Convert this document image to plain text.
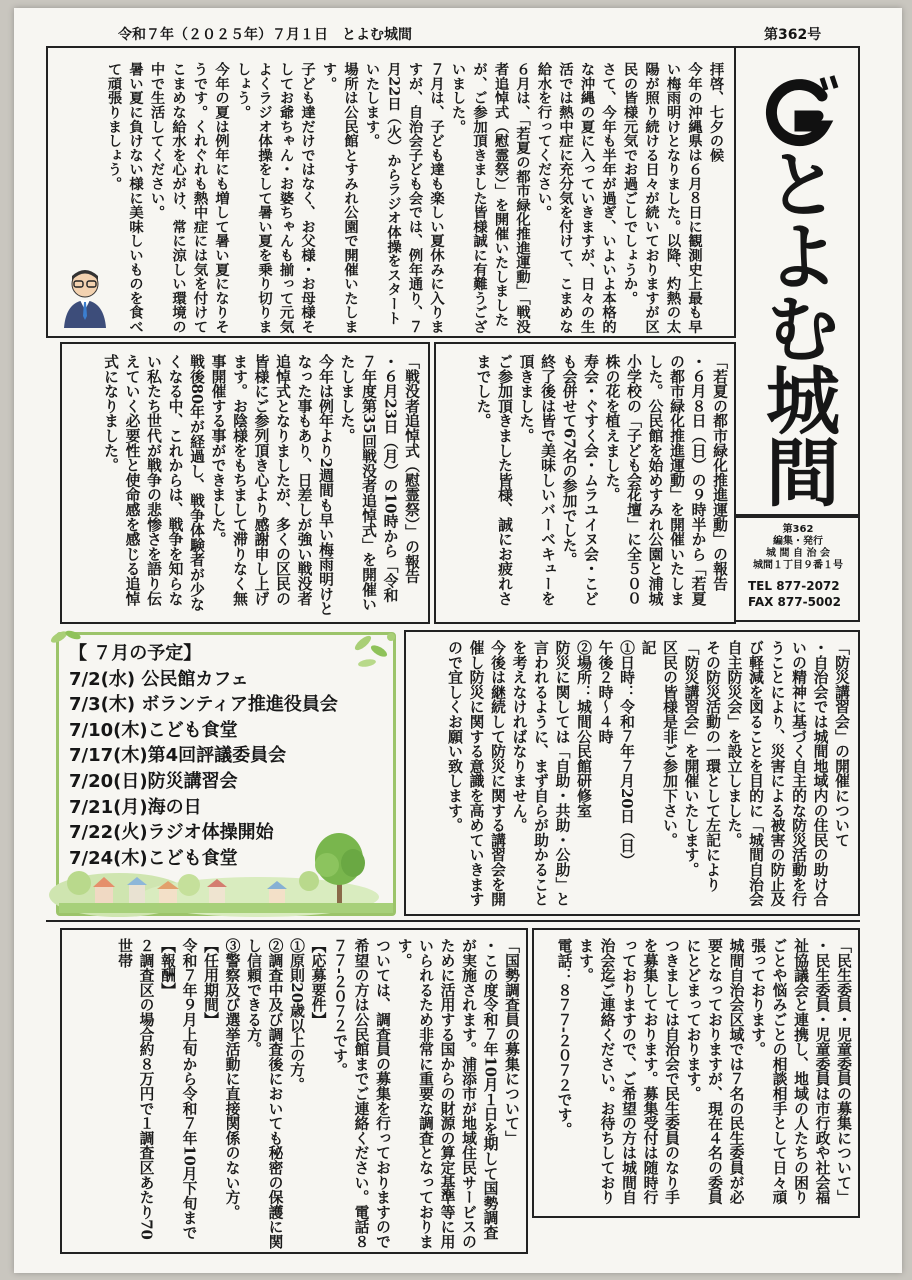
令和７年（２０２５年）７月１日　とよむ城間	第362号

拝啓、七夕の候
今年の沖縄県は６月８日に観測史上最も早い梅雨明けとなりました。以降、灼熱の太陽が照り続ける日々が続いておりますが区民の皆様元気でお過ごしでしょうか。
さて、今年も半年が過ぎ、いよいよ本格的な沖縄の夏に入っていきますが、日々の生活では熱中症に充分気を付けて、こまめな給水を行ってください。
６月は、「若夏の都市緑化推進運動」「戦没者追悼式（慰霊祭）」を開催いたしましたが、ご参加頂きました皆様誠に有難うございました。
７月は、子ども達も楽しい夏休みに入りますが、自治会子ども会では、例年通り、７月22日（火）からラジオ体操をスタートいたします。
場所は公民館とすみれ公園で開催いたします。
子ども達だけではなく、お父様・お母様そしてお爺ちゃん・お婆ちゃんも揃って元気よくラジオ体操をして暑い夏を乗り切りましょう。
今年の夏は例年にも増して暑い夏になりそうです。くれぐれも熱中症には気を付けてこまめな給水を心がけ、常に涼しい環境の中で生活してください。
暑い夏に負けない様に美味しいものを食べて頑張りましょう。

とよむ城間
第362
編集・発行
城 間 自 治 会
城間１丁目９番１号
TEL 877-2072
FAX 877-5002

「戦没者追悼式（慰霊祭）」の報告
・６月23日（月）の10時から「令和７年度第35回戦没者追悼式」を開催いたしました。
今年は例年より2週間も早い梅雨明けとなった事もあり、日差しが強い戦没者追悼式となりましたが、多くの区民の皆様にご参列頂き心より感謝申し上げます。お陰様をもちまして滞りなく無事開催する事ができました。
戦後80年が経過し、戦争体験者が少なくなる中、これからは、戦争を知らない私たち世代が戦争の悲惨さを語り伝えていく必要性と使命感を感じる追悼式になりました。	「若夏の都市緑化推進運動」の報告
・６月８日（日）の９時半から「若夏の都市緑化推進運動」を開催いたしました。公民館を始めすみれ公園と浦城小学校の「子ども会花壇」に全５００株の花を植えました。
寿会・ぐすく会・ムラユイヌ会・こども会併せて67名の参加でした。
終了後は皆で美味しいバーベキューを頂きました。
ご参加頂きました皆様、誠にお疲れさまでした。

【 ７月の予定】
7/2(水) 公民館カフェ
7/3(木) ボランティア推進役員会
7/10(木)こども食堂
7/17(木)第4回評議委員会
7/20(日)防災講習会
7/21(月)海の日
7/22(火)ラジオ体操開始
7/24(木)こども食堂

「防災講習会」の開催について
・自治会では城間地域内の住民の助け合いの精神に基づく自主的な防災活動を行うことにより、災害による被害の防止及び軽減を図ることを目的に「城間自治会自主防災会」を設立しました。
その防災活動の一環として左記により「防災講習会」を開催いたします。
区民の皆様是非ご参加下さい。
記
①日時：令和７年７月20日（日）
午後２時～４時
②場所：城間公民館研修室
防災に関しては「自助・共助・公助」と言われるように、まず自らが助かることを考えなければなりません。
今後は継続して防災に関する講習会を開催し防災に関する意識を高めていきますので宜しくお願い致します。

「国勢調査員の募集について」
・この度令和７年10月１日を期して国勢調査が実施されます。浦添市が地域住民サービスのために活用する国からの財源の算定基準等に用いられるため非常に重要な調査となっております。
ついては、調査員の募集を行っておりますので希望の方は公民館までご連絡ください。電話８７７-２０７２です。
【応募要件】
①原則20歳以上の方。
②調査中及び調査後においても秘密の保護に関し信頼できる方。
③警察及び選挙活動に直接関係のない方。
【任用期間】
令和７年９月上旬から令和７年10月下旬まで
【報酬】
２調査区の場合約８万円で１調査区あたり70世帯	「民生委員・児童委員の募集について」
・民生委員・児童委員は市行政や社会福祉協議会と連携し、地域の人たちの困りごとや悩みごとの相談相手として日々頑張っております。
城間自治会区域では７名の民生委員が必要となっておりますが、現在４名の委員にとどまっております。
つきましては自治会で民生委員のなり手を募集しております。募集受付は随時行っておりますので、ご希望の方は城間自治会迄ご連絡ください。お待ちしております。
電話：８７７-２０７２です。
